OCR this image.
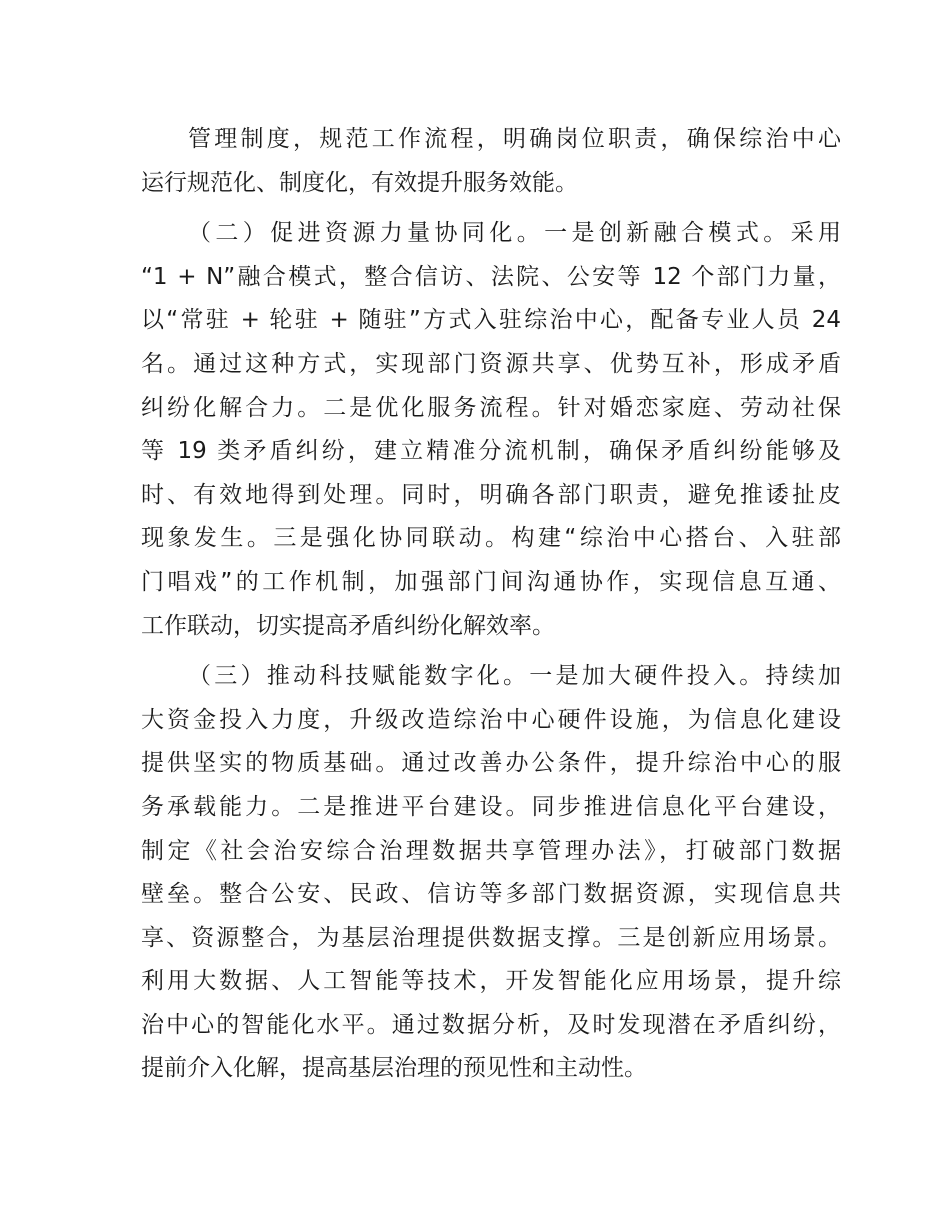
管理制度，规范工作流程，明确岗位职责，确保综治中心
运行规范化、制度化，有效提升服务效能。
（二）促进资源力量协同化。一是创新融合模式。采用
“1 + N”融合模式，整合信访、法院、公安等 12 个部门力量，
以“常驻 + 轮驻 + 随驻”方式入驻综治中心，配备专业人员 24
名。通过这种方式，实现部门资源共享、优势互补，形成矛盾
纠纷化解合力。二是优化服务流程。针对婚恋家庭、劳动社保
等 19 类矛盾纠纷，建立精准分流机制，确保矛盾纠纷能够及
时、有效地得到处理。同时，明确各部门职责，避免推诿扯皮
现象发生。三是强化协同联动。构建“综治中心搭台、入驻部
门唱戏”的工作机制，加强部门间沟通协作，实现信息互通、
工作联动，切实提高矛盾纠纷化解效率。
（三）推动科技赋能数字化。一是加大硬件投入。持续加
大资金投入力度，升级改造综治中心硬件设施，为信息化建设
提供坚实的物质基础。通过改善办公条件，提升综治中心的服
务承载能力。二是推进平台建设。同步推进信息化平台建设，
制定《社会治安综合治理数据共享管理办法》，打破部门数据
壁垒。整合公安、民政、信访等多部门数据资源，实现信息共
享、资源整合，为基层治理提供数据支撑。三是创新应用场景。
利用大数据、人工智能等技术，开发智能化应用场景，提升综
治中心的智能化水平。通过数据分析，及时发现潜在矛盾纠纷，
提前介入化解，提高基层治理的预见性和主动性。
